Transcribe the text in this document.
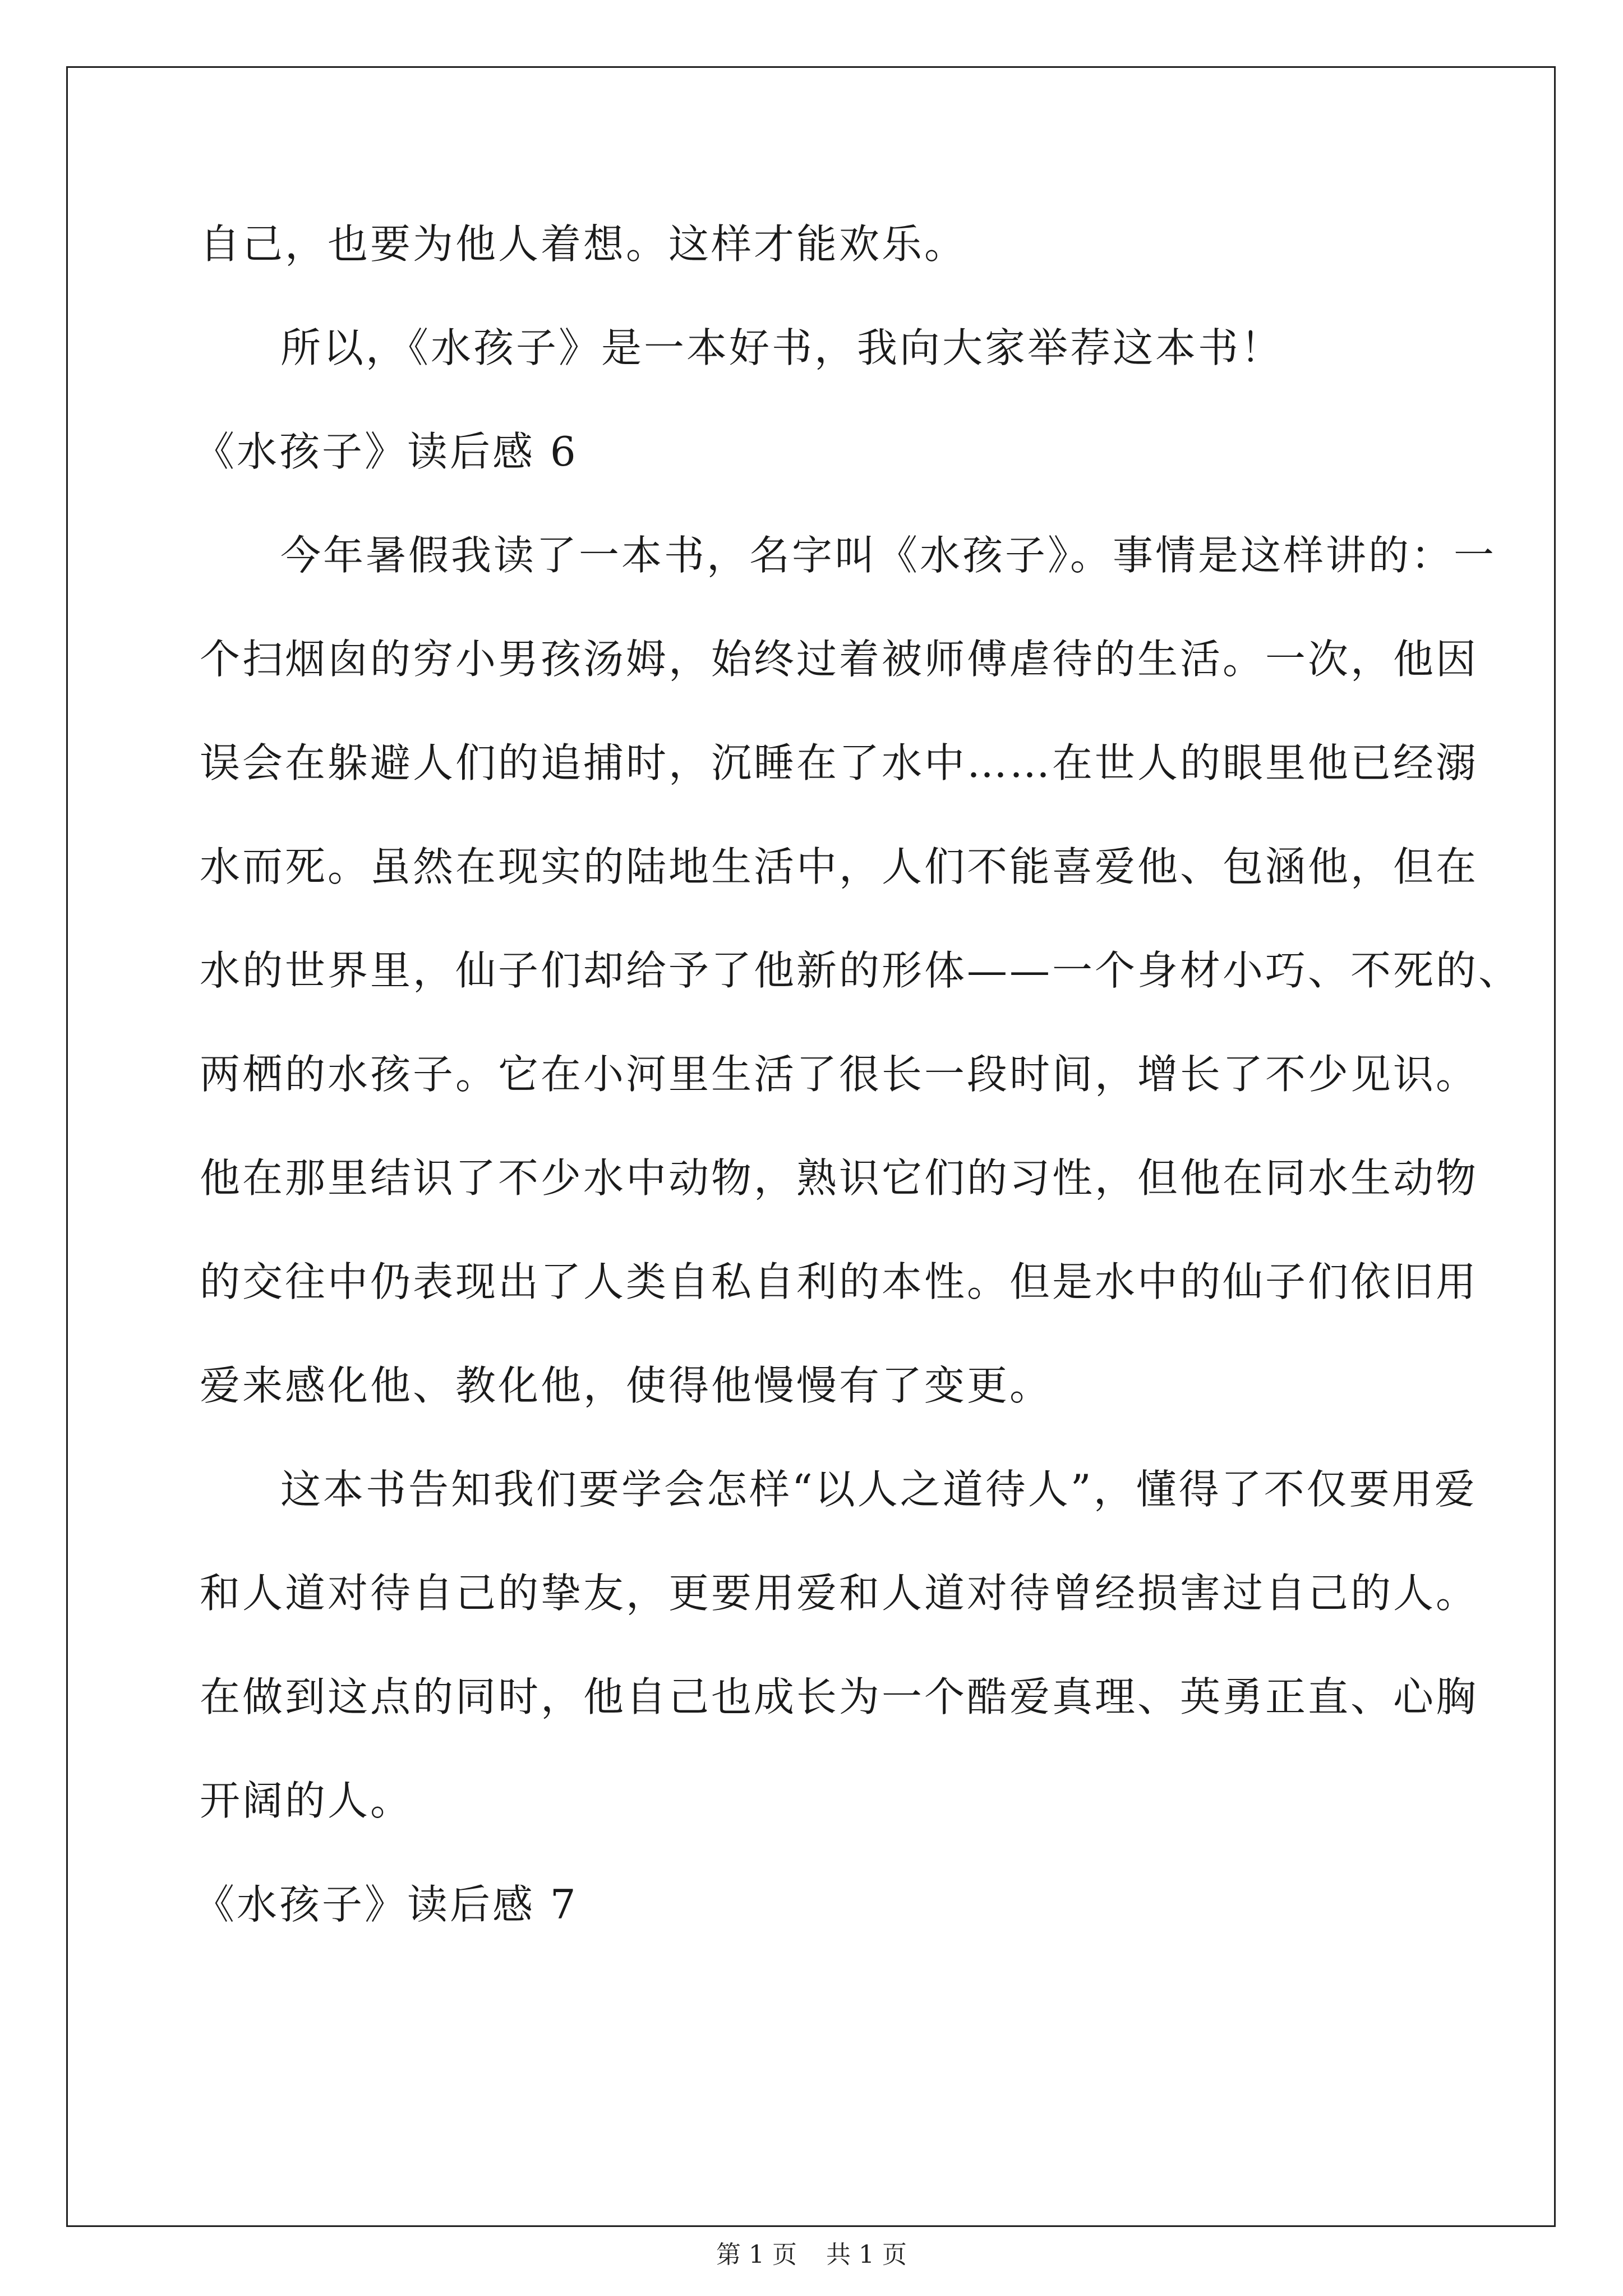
自己，也要为他人着想。这样才能欢乐。
所以，《水孩子》是一本好书，我向大家举荐这本书！
《水孩子》读后感 6
今年暑假我读了一本书，名字叫《水孩子》。事情是这样讲的：一
个扫烟囱的穷小男孩汤姆，始终过着被师傅虐待的生活。一次，他因
误会在躲避人们的追捕时，沉睡在了水中……在世人的眼里他已经溺
水而死。虽然在现实的陆地生活中，人们不能喜爱他、包涵他，但在
水的世界里，仙子们却给予了他新的形体——一个身材小巧、不死的、
两栖的水孩子。它在小河里生活了很长一段时间，增长了不少见识。
他在那里结识了不少水中动物，熟识它们的习性，但他在同水生动物
的交往中仍表现出了人类自私自利的本性。但是水中的仙子们依旧用
爱来感化他、教化他，使得他慢慢有了变更。
这本书告知我们要学会怎样“以人之道待人”，懂得了不仅要用爱
和人道对待自己的挚友，更要用爱和人道对待曾经损害过自己的人。
在做到这点的同时，他自己也成长为一个酷爱真理、英勇正直、心胸
开阔的人。
《水孩子》读后感 7
第 1 页 共 1 页
